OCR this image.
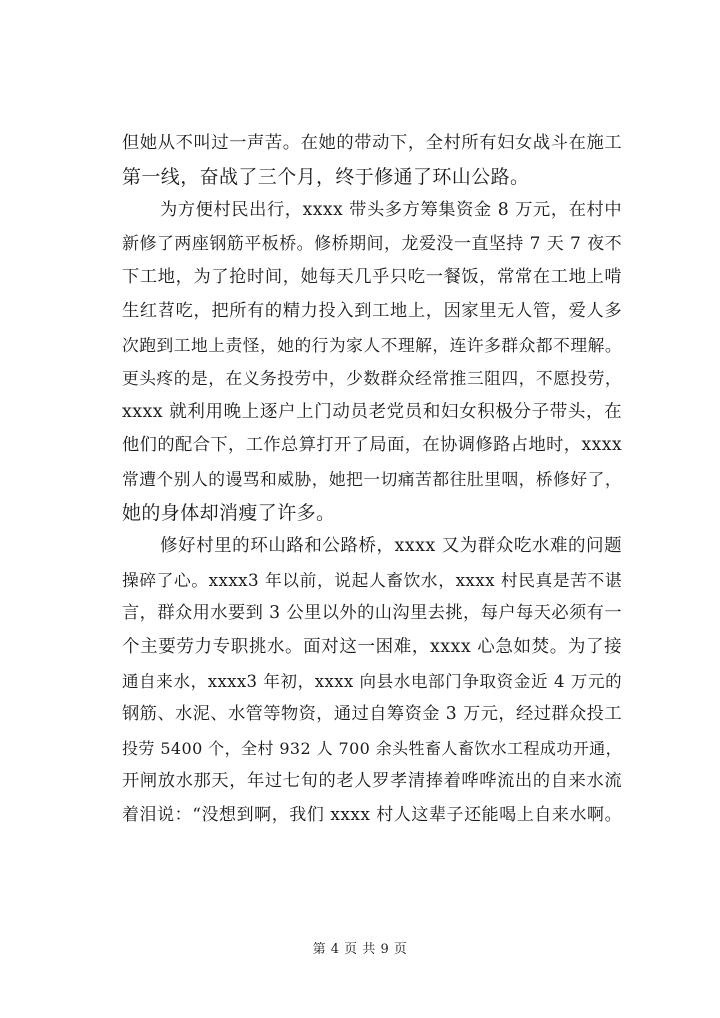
但她从不叫过一声苦。在她的带动下，全村所有妇女战斗在施工
第一线，奋战了三个月，终于修通了环山公路。
为方便村民出行，xxxx 带头多方筹集资金 8 万元，在村中
新修了两座钢筋平板桥。修桥期间，龙爱没一直坚持 7 天 7 夜不
下工地，为了抢时间，她每天几乎只吃一餐饭，常常在工地上啃
生红苕吃，把所有的精力投入到工地上，因家里无人管，爱人多
次跑到工地上责怪，她的行为家人不理解，连许多群众都不理解。
更头疼的是，在义务投劳中，少数群众经常推三阻四，不愿投劳，
xxxx 就利用晚上逐户上门动员老党员和妇女积极分子带头，在
他们的配合下，工作总算打开了局面，在协调修路占地时，xxxx
常遭个别人的谩骂和威胁，她把一切痛苦都往肚里咽，桥修好了，
她的身体却消瘦了许多。
修好村里的环山路和公路桥，xxxx 又为群众吃水难的问题
操碎了心。xxxx3 年以前，说起人畜饮水，xxxx 村民真是苦不谌
言，群众用水要到 3 公里以外的山沟里去挑，每户每天必须有一
个主要劳力专职挑水。面对这一困难，xxxx 心急如焚。为了接
通自来水，xxxx3 年初，xxxx 向县水电部门争取资金近 4 万元的
钢筋、水泥、水管等物资，通过自筹资金 3 万元，经过群众投工
投劳 5400 个，全村 932 人 700 余头牲畜人畜饮水工程成功开通，
开闸放水那天，年过七旬的老人罗孝清捧着哗哗流出的自来水流
着泪说：“没想到啊，我们 xxxx 村人这辈子还能喝上自来水啊。
第 4 页 共 9 页
